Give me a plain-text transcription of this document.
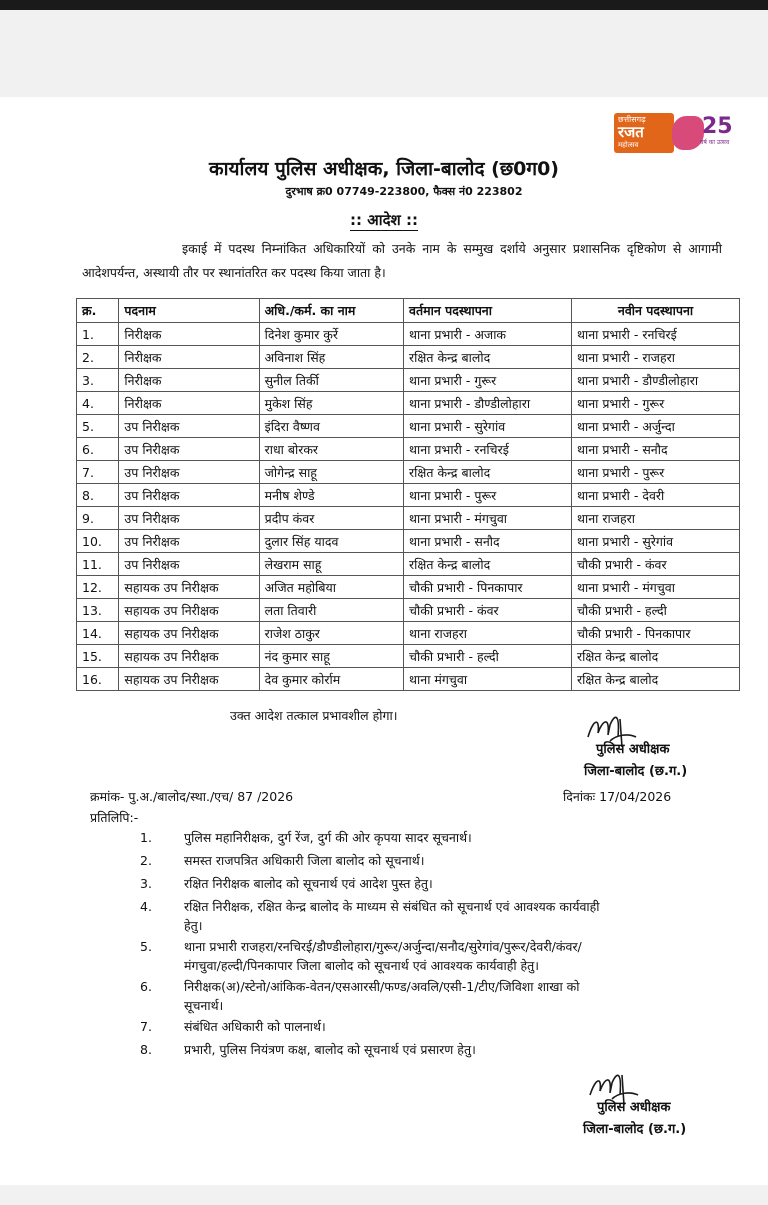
छत्तीसगढ़
रजत
महोत्सव
25
वर्ष का उत्सव
कार्यालय पुलिस अधीक्षक, जिला-बालोद (छ0ग0)
दुरभाष क्र0 07749-223800, फैक्स नं0 223802
:: आदेश ::
इकाई में पदस्थ निम्नांकित अधिकारियों को उनके नाम के सम्मुख दर्शाये अनुसार प्रशासनिक दृष्टिकोण से आगामी आदेशपर्यन्त, अस्थायी तौर पर स्थानांतरित कर पदस्थ किया जाता है।
क्र.	पदनाम	अधि./कर्म. का नाम	वर्तमान पदस्थापना	नवीन पदस्थापना
1.	निरीक्षक	दिनेश कुमार कुर्रे	थाना प्रभारी - अजाक	थाना प्रभारी - रनचिरई
2.	निरीक्षक	अविनाश सिंह	रक्षित केन्द्र बालोद	थाना प्रभारी - राजहरा
3.	निरीक्षक	सुनील तिर्की	थाना प्रभारी - गुरूर	थाना प्रभारी - डौण्डीलोहारा
4.	निरीक्षक	मुकेश सिंह	थाना प्रभारी - डौण्डीलोहारा	थाना प्रभारी - गुरूर
5.	उप निरीक्षक	इंदिरा वैष्णव	थाना प्रभारी - सुरेगांव	थाना प्रभारी - अर्जुन्दा
6.	उप निरीक्षक	राधा बोरकर	थाना प्रभारी - रनचिरई	थाना प्रभारी - सनौद
7.	उप निरीक्षक	जोगेन्द्र साहू	रक्षित केन्द्र बालोद	थाना प्रभारी - पुरूर
8.	उप निरीक्षक	मनीष शेण्डे	थाना प्रभारी - पुरूर	थाना प्रभारी - देवरी
9.	उप निरीक्षक	प्रदीप कंवर	थाना प्रभारी - मंगचुवा	थाना राजहरा
10.	उप निरीक्षक	दुलार सिंह यादव	थाना प्रभारी - सनौद	थाना प्रभारी - सुरेगांव
11.	उप निरीक्षक	लेखराम साहू	रक्षित केन्द्र बालोद	चौकी प्रभारी - कंवर
12.	सहायक उप निरीक्षक	अजित महोबिया	चौकी प्रभारी - पिनकापार	थाना प्रभारी - मंगचुवा
13.	सहायक उप निरीक्षक	लता तिवारी	चौकी प्रभारी - कंवर	चौकी प्रभारी - हल्दी
14.	सहायक उप निरीक्षक	राजेश ठाकुर	थाना राजहरा	चौकी प्रभारी - पिनकापार
15.	सहायक उप निरीक्षक	नंद कुमार साहू	चौकी प्रभारी - हल्दी	रक्षित केन्द्र बालोद
16.	सहायक उप निरीक्षक	देव कुमार कोर्राम	थाना मंगचुवा	रक्षित केन्द्र बालोद
उक्त आदेश तत्काल प्रभावशील होगा।
पुलिस अधीक्षक
जिला-बालोद (छ.ग.)
क्रमांक- पु.अ./बालोद/स्था./एच/ 87 /2026	दिनांकः 17/04/2026
प्रतिलिपि:-
1.	पुलिस महानिरीक्षक, दुर्ग रेंज, दुर्ग की ओर कृपया सादर सूचनार्थ।
2.	समस्त राजपत्रित अधिकारी जिला बालोद को सूचनार्थ।
3.	रक्षित निरीक्षक बालोद को सूचनार्थ एवं आदेश पुस्त हेतु।
4.	रक्षित निरीक्षक, रक्षित केन्द्र बालोद के माध्यम से संबंधित को सूचनार्थ एवं आवश्यक कार्यवाही
हेतु।
5.	थाना प्रभारी राजहरा/रनचिरई/डौण्डीलोहारा/गुरूर/अर्जुन्दा/सनौद/सुरेगांव/पुरूर/देवरी/कंवर/
मंगचुवा/हल्दी/पिनकापार जिला बालोद को सूचनार्थ एवं आवश्यक कार्यवाही हेतु।
6.	निरीक्षक(अ)/स्टेनो/आंकिक-वेतन/एसआरसी/फण्ड/अवलि/एसी-1/टीए/जिविशा शाखा को
सूचनार्थ।
7.	संबंधित अधिकारी को पालनार्थ।
8.	प्रभारी, पुलिस नियंत्रण कक्ष, बालोद को सूचनार्थ एवं प्रसारण हेतु।
पुलिस अधीक्षक
जिला-बालोद (छ.ग.)
